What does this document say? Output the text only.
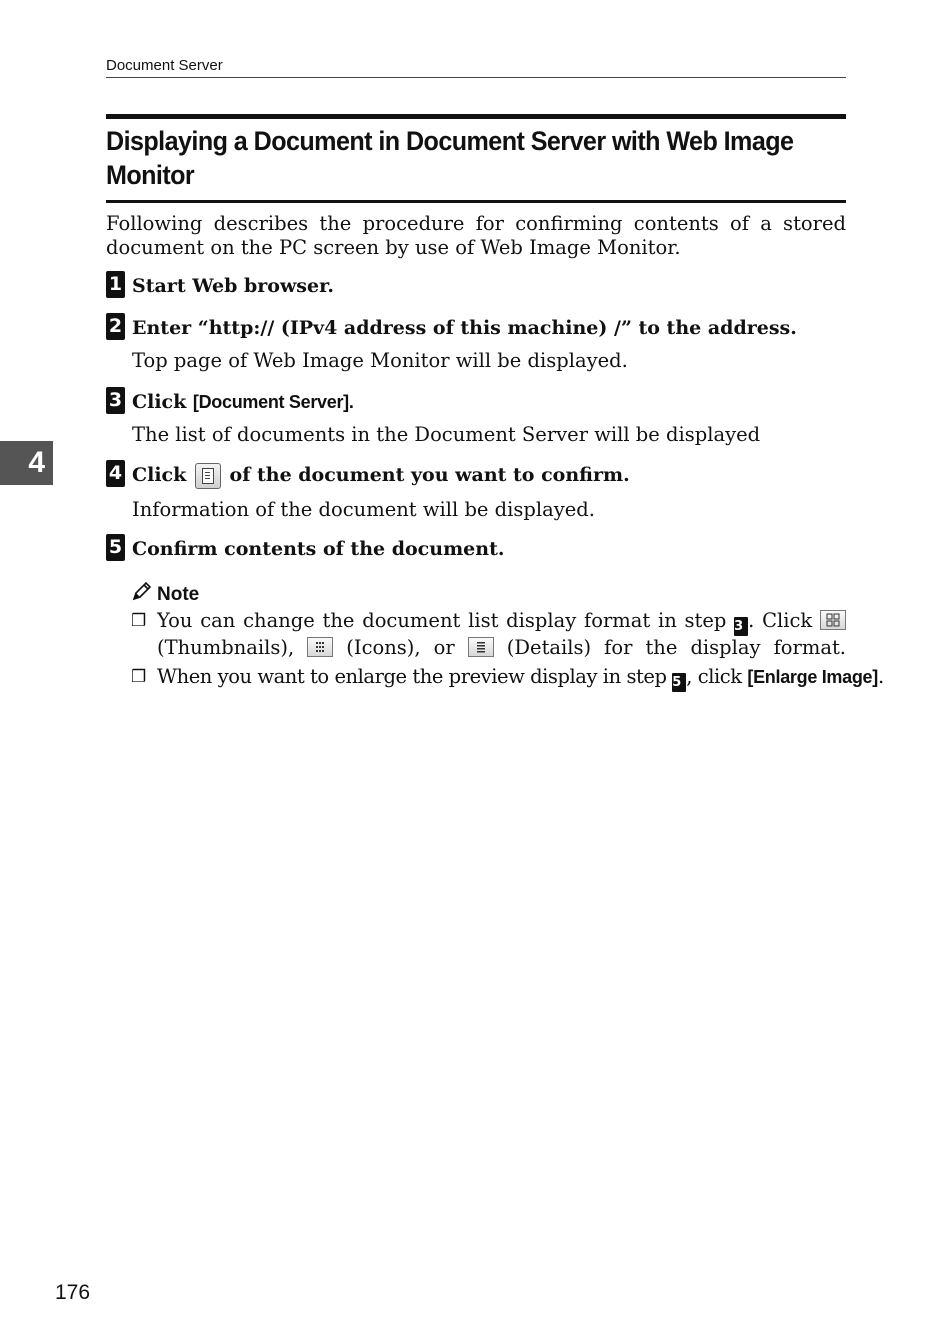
Document Server
Displaying a Document in Document Server with Web Image Monitor
Following describes the procedure for confirming contents of a stored document on the PC screen by use of Web Image Monitor.
1 Start Web browser.
2 Enter “http:// (IPv4 address of this machine) /” to the address.
Top page of Web Image Monitor will be displayed.
3 Click [Document Server].
The list of documents in the Document Server will be displayed
4 Click  of the document you want to confirm.
Information of the document will be displayed.
5 Confirm contents of the document.
Note
❒ You can change the document list display format in step 3 . Click
(Thumbnails),
(Icons), or
(Details) for the display format.
❒ When you want to enlarge the preview display in step 5 , click [Enlarge Image].
4
176
